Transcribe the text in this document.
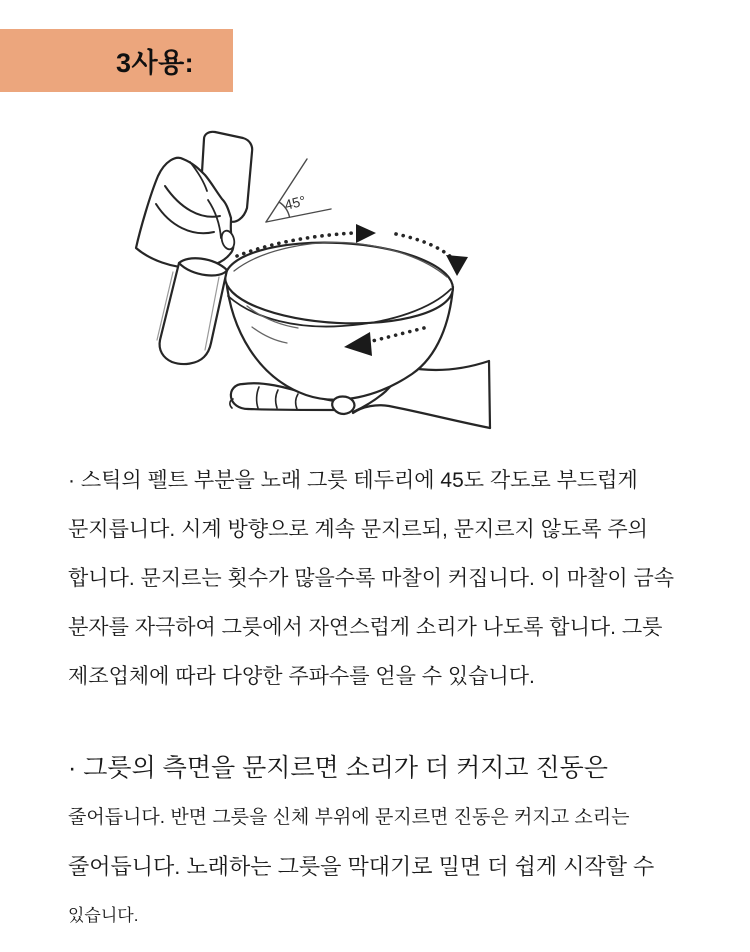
3사용:
45°
· 스틱의 펠트 부분을 노래 그릇 테두리에 45도 각도로 부드럽게
문지릅니다. 시계 방향으로 계속 문지르되, 문지르지 않도록 주의
합니다. 문지르는 횟수가 많을수록 마찰이 커집니다. 이 마찰이 금속
분자를 자극하여 그릇에서 자연스럽게 소리가 나도록 합니다. 그릇
제조업체에 따라 다양한 주파수를 얻을 수 있습니다.
· 그릇의 측면을 문지르면 소리가 더 커지고 진동은
줄어듭니다. 반면 그릇을 신체 부위에 문지르면 진동은 커지고 소리는
줄어듭니다. 노래하는 그릇을 막대기로 밀면 더 쉽게 시작할 수
있습니다.
